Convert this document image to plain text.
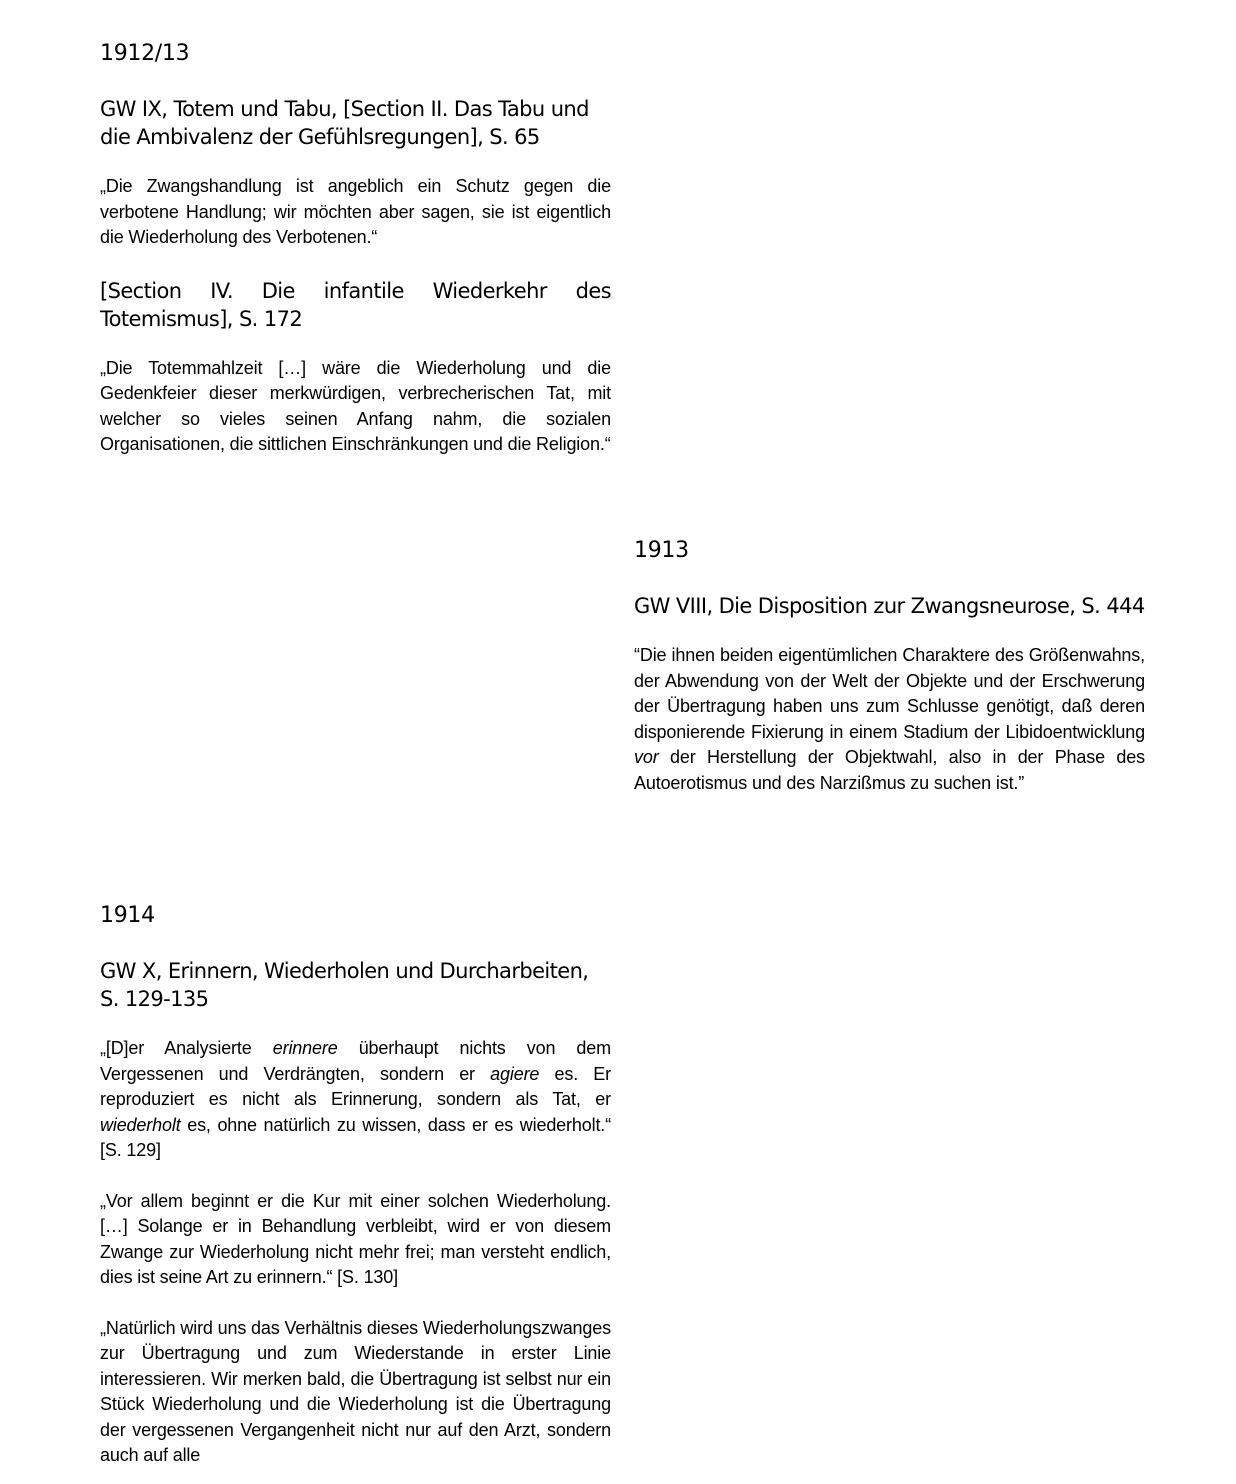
1912/13
GW IX, Totem und Tabu, [Section II. Das Tabu und die Ambivalenz der Gefühlsregungen], S. 65

„Die Zwangshandlung ist angeblich ein Schutz gegen die verbotene Handlung; wir möchten aber sagen, sie ist eigentlich die Wiederholung des Verbotenen.“

[Section IV. Die infantile Wiederkehr des Totemismus], S. 172

„Die Totemmahlzeit […] wäre die Wiederholung und die Gedenkfeier dieser merkwürdigen, verbrecherischen Tat, mit welcher so vieles seinen Anfang nahm, die sozialen Organisationen, die sittlichen Einschränkungen und die Religion.“

1913
GW VIII, Die Disposition zur Zwangsneurose, S. 444

“Die ihnen beiden eigentümlichen Charaktere des Größenwahns, der Abwendung von der Welt der Objekte und der Erschwerung der Übertragung haben uns zum Schlusse genötigt, daß deren disponierende Fixierung in einem Stadium der Libidoentwicklung vor der Herstellung der Objektwahl, also in der Phase des Autoerotismus und des Narzißmus zu suchen ist.”

1914
GW X, Erinnern, Wiederholen und Durcharbeiten, S. 129-135

„[D]er Analysierte erinnere überhaupt nichts von dem Vergessenen und Verdrängten, sondern er agiere es. Er reproduziert es nicht als Erinnerung, sondern als Tat, er wiederholt es, ohne natürlich zu wissen, dass er es wiederholt.“ [S. 129]

„Vor allem beginnt er die Kur mit einer solchen Wiederholung. […] Solange er in Behandlung verbleibt, wird er von diesem Zwange zur Wiederholung nicht mehr frei; man versteht endlich, dies ist seine Art zu erinnern.“ [S. 130]

„Natürlich wird uns das Verhältnis dieses Wiederholungszwanges zur Übertragung und zum Wiederstande in erster Linie interessieren. Wir merken bald, die Übertragung ist selbst nur ein Stück Wiederholung und die Wiederholung ist die Übertragung der vergessenen Vergangenheit nicht nur auf den Arzt, sondern auch auf alle
